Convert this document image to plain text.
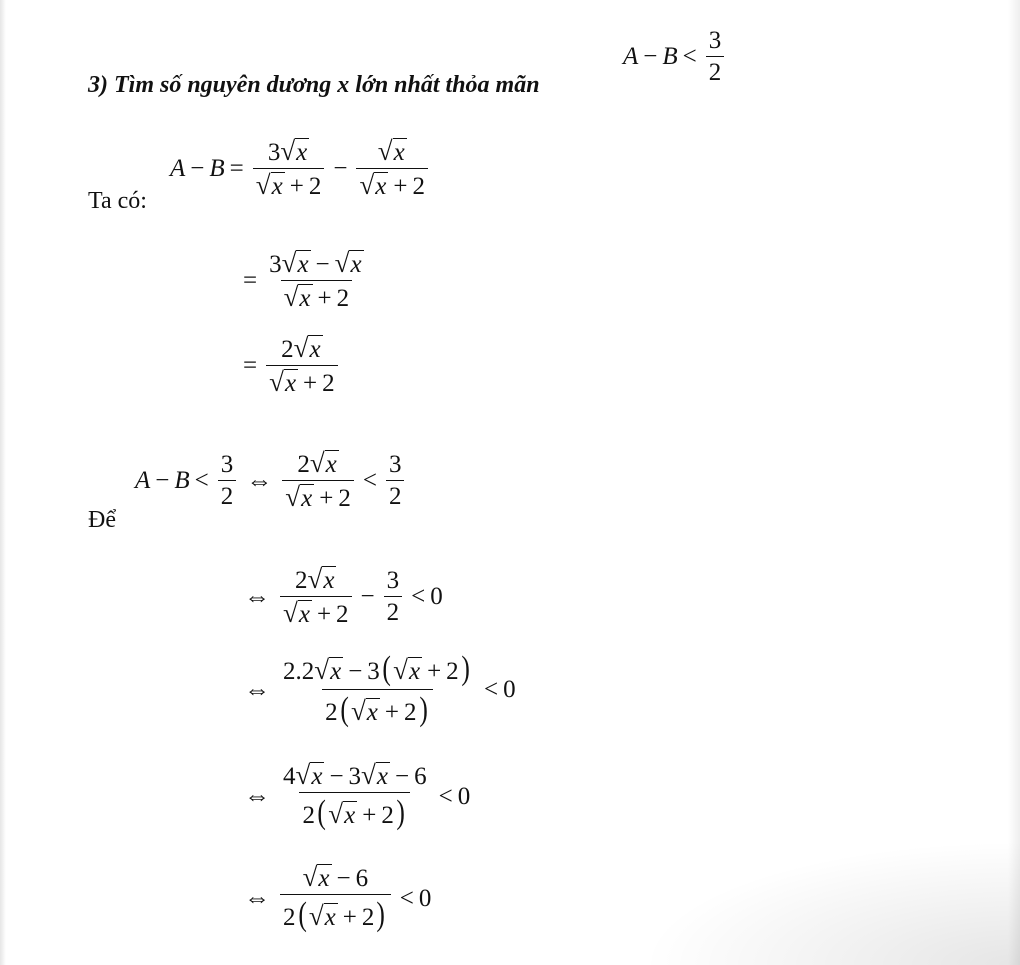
3) Tìm số nguyên dương x lớn nhất thỏa mãn
$A - B < \frac{3}{2}$
Ta có:
$A - B = \frac{3 √ x}{√ x + 2} - \frac{√ x}{√ x + 2}$
= $\frac{3 √ x - √ x}{√ x + 2}$
= $\frac{2 √ x}{√ x + 2}$
Để
$A - B < \frac{3}{2}$ ⇔ $\frac{2 √ x}{√ x + 2} < \frac{3}{2}$
⇔ $\frac{2 √ x}{√ x + 2} - \frac{3}{2} < 0$
⇔ $\frac{2.2 √ x - 3( √ x + 2)}{2( √ x + 2)} < 0$
⇔ $\frac{4 √ x - 3 √ x - 6}{2( √ x + 2)} < 0$
⇔ $\frac{√ x - 6}{2( √ x + 2)} < 0$
